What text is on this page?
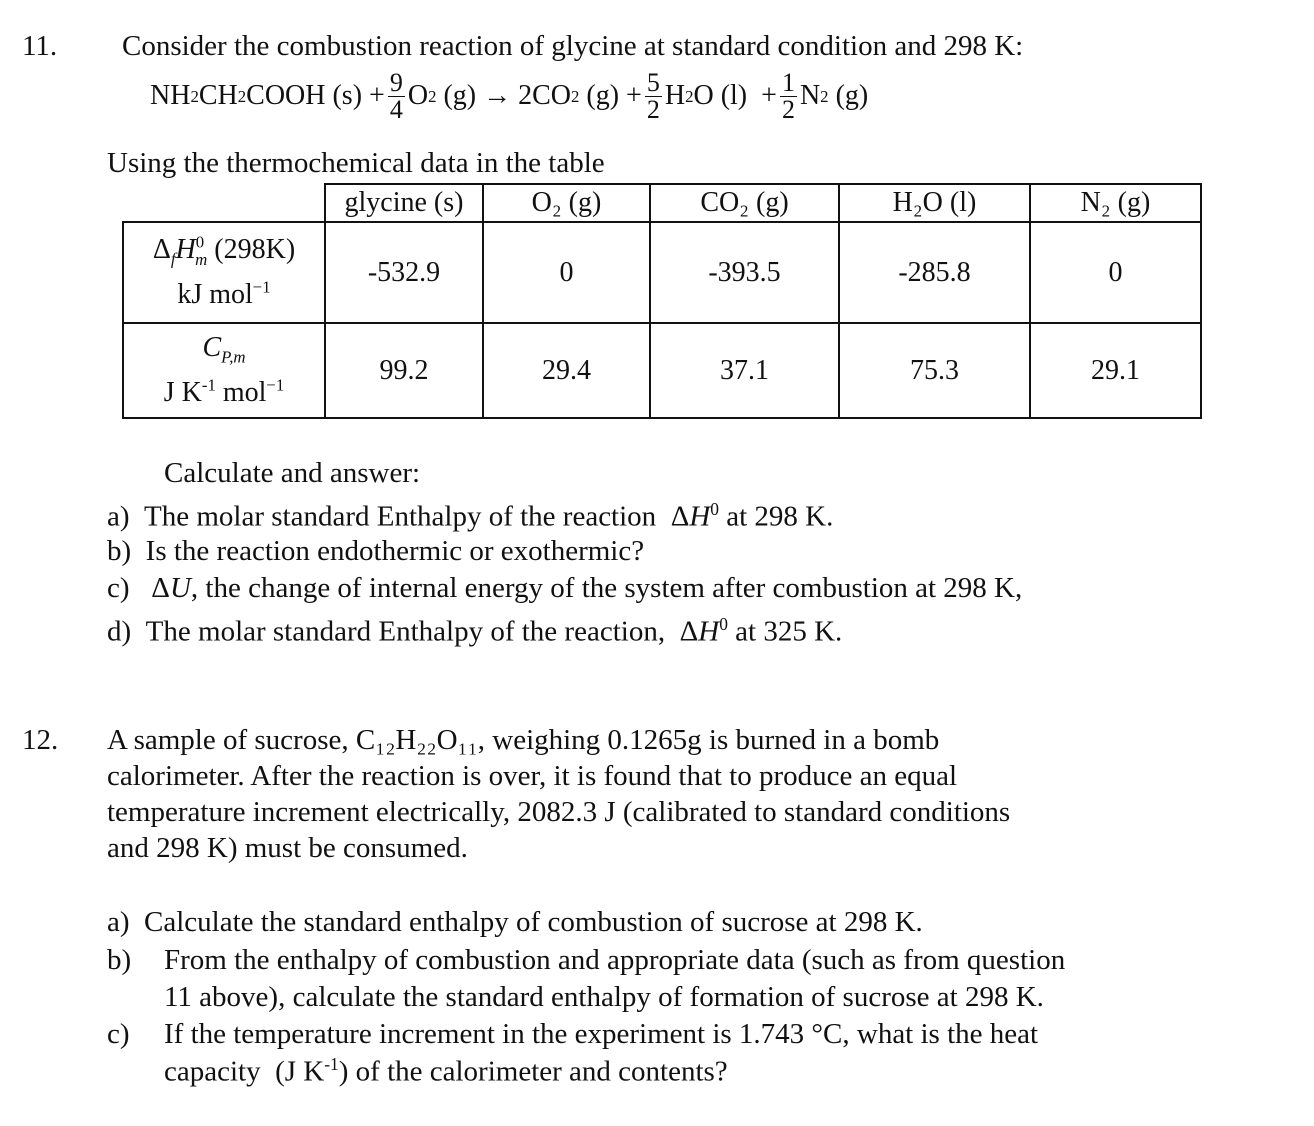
11. Consider the combustion reaction of glycine at standard condition and 298 K:
NH 2 CH 2 COOH $(s) + \frac{9}{4}$ O 2
(g) →
2CO 2
$(g) + \frac{5}{2}$ H 2 O (l)
+ $\frac{1}{2}$ N 2
(g)
Using the thermochemical data in the table
	glycine (s)	O₂ (g)	CO₂ (g)	H₂O (l)	N₂ (g)

$\Delta_fH^0_m$ (298K)
kJ mol$^{-1}$	-532.9	0	-393.5	-285.8	0

$C_{P,m}$
J $K^{-1}$ mol$^{-1}$	99.2	29.4	37.1	75.3	29.1
Calculate and answer:
a) The molar standard Enthalpy of the reaction  $\Delta H^0$ at 298 K.
b) Is the reaction endothermic or exothermic?
c)   ΔU, the change of internal energy of the system after combustion at 298 K,
d) The molar standard Enthalpy of the reaction,  $\Delta H^0$ at 325 K.
12. A sample of sucrose, C₁₂H₂₂O₁₁, weighing 0.1265g is burned in a bomb
calorimeter. After the reaction is over, it is found that to produce an equal
temperature increment electrically, 2082.3 J (calibrated to standard conditions
and 298 K) must be consumed.
a) Calculate the standard enthalpy of combustion of sucrose at 298 K.
b) From the enthalpy of combustion and appropriate data (such as from question
11 above), calculate the standard enthalpy of formation of sucrose at 298 K.
c) If the temperature increment in the experiment is 1.743 °C, what is the heat
capacity  (J $K^{-1}$) of the calorimeter and contents?
